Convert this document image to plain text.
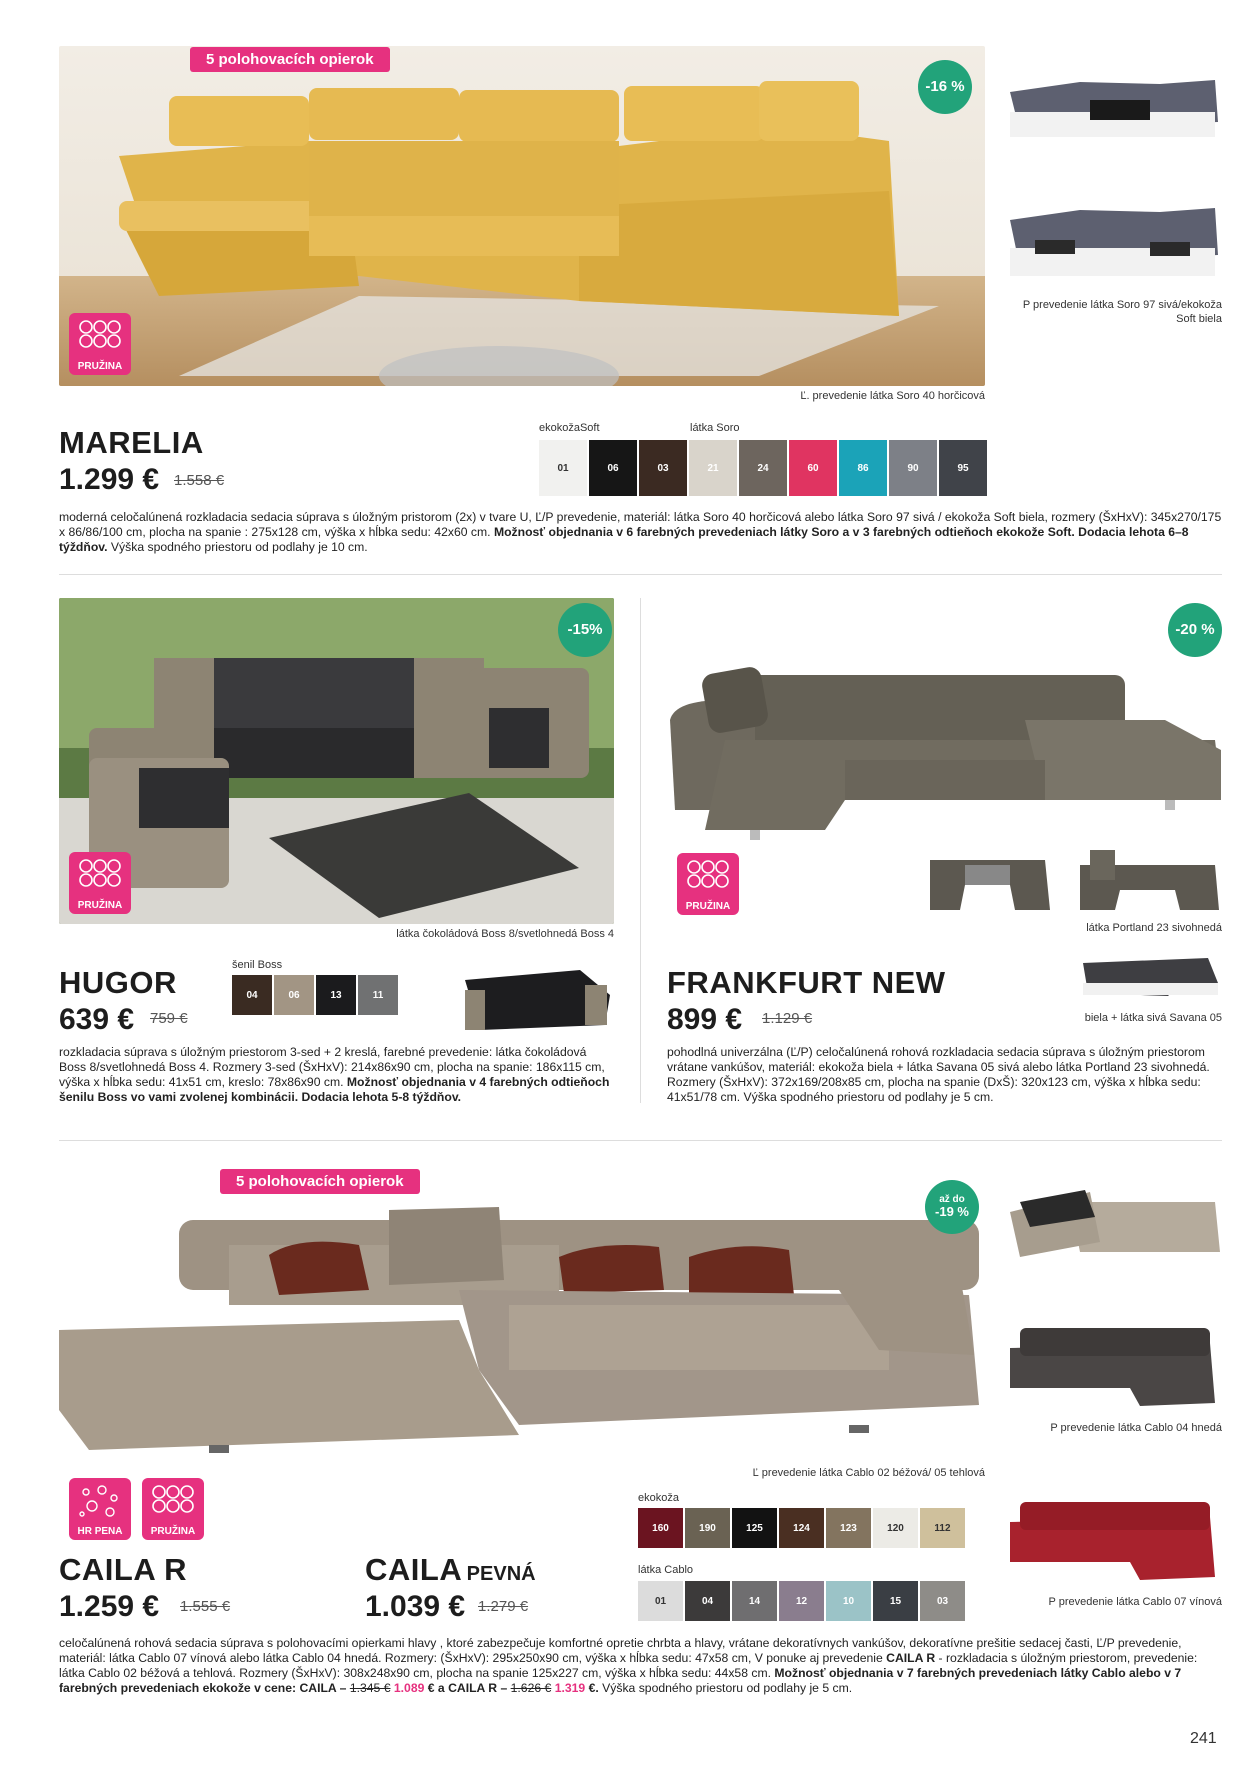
5 polohovacích opierok
-16 %
PRUŽINA
Ľ. prevedenie látka Soro 40 horčicová
P prevedenie látka Soro 97 sivá/ekokoža Soft biela
MARELIA
1.299 € 1.558 €
ekokožaSoft	látka Soro
01	06	03	21	24	60	86	90	95
moderná celočalúnená rozkladacia sedacia súprava s úložným pristorom (2x) v tvare U, Ľ/P prevedenie, materiál: látka Soro 40 horčicová alebo látka Soro 97 sivá / ekokoža Soft biela, rozmery (ŠxHxV): 345x270/175 x 86/86/100 cm, plocha na spanie : 275x128 cm, výška x hĺbka sedu: 42x60 cm. Možnosť objednania v 6 farebných prevedeniach látky Soro a v 3 farebných odtieňoch ekokože Soft. Dodacia lehota 6–8 týždňov. Výška spodného priestoru od podlahy je 10 cm.
-15%
PRUŽINA
látka čokoládová Boss 8/svetlohnedá Boss 4
HUGOR
639 € 759 €
šenil Boss
04	06	13	11
rozkladacia súprava s úložným priestorom 3-sed + 2 kreslá, farebné prevedenie: látka čokoládová Boss 8/svetlohnedá Boss 4. Rozmery 3-sed (ŠxHxV): 214x86x90 cm, plocha na spanie: 186x115 cm, výška x hĺbka sedu: 41x51 cm, kreslo: 78x86x90 cm. Možnosť objednania v 4 farebných odtieňoch šenilu Boss vo vami zvolenej kombinácii. Dodacia lehota 5-8 týždňov.
-20 %
PRUŽINA
látka Portland 23 sivohnedá
biela + látka sivá Savana 05
FRANKFURT NEW
899 € 1.129 €
pohodlná univerzálna (Ľ/P) celočalúnená rohová rozkladacia sedacia súprava s úložným priestorom vrátane vankúšov, materiál: ekokoža biela + látka Savana 05 sivá alebo látka Portland 23 sivohnedá. Rozmery (ŠxHxV): 372x169/208x85 cm, plocha na spanie (DxŠ): 320x123 cm, výška x hĺbka sedu: 41x51/78 cm. Výška spodného priestoru od podlahy je 5 cm.
5 polohovacích opierok
až do
-19 %
HR PENA	PRUŽINA
Ľ prevedenie látka Cablo 02 béžová/ 05 tehlová
P prevedenie látka Cablo 04 hnedá
P prevedenie látka Cablo 07 vínová
CAILA R
1.259 € 1.555 €
CAILA PEVNÁ
1.039 € 1.279 €
ekokoža
160	190	125	124	123	120	112
látka Cablo
01	04	14	12	10	15	03
celočalúnená rohová sedacia súprava s polohovacími opierkami hlavy , ktoré zabezpečuje komfortné opretie chrbta a hlavy, vrátane dekoratívnych vankúšov, dekoratívne prešitie sedacej časti, Ľ/P prevedenie, materiál: látka Cablo 07 vínová alebo látka Cablo 04 hnedá. Rozmery: (ŠxHxV): 295x250x90 cm, výška x hĺbka sedu: 47x58 cm, V ponuke aj prevedenie CAILA R - rozkladacia s úložným priestorom, prevedenie: látka Cablo 02 béžová a tehlová. Rozmery (ŠxHxV): 308x248x90 cm, plocha na spanie 125x227 cm, výška x hĺbka sedu: 44x58 cm. Možnosť objednania v 7 farebných prevedeniach látky Cablo alebo v 7 farebných prevedeniach ekokože v cene: CAILA – 1.345 € 1.089 € a CAILA R – 1.626 € 1.319 €. Výška spodného priestoru od podlahy je 5 cm.
241
